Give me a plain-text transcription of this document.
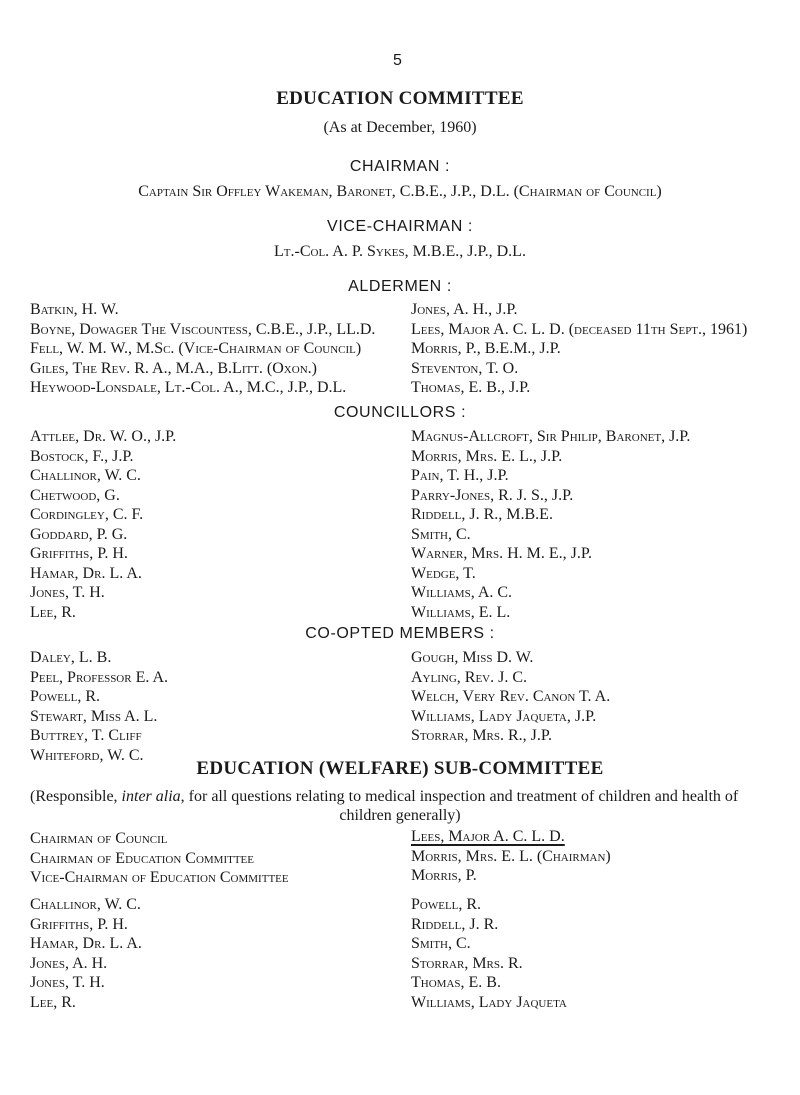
5
EDUCATION COMMITTEE
(As at December, 1960)
CHAIRMAN :
Captain Sir Offley Wakeman, Baronet, C.B.E., J.P., D.L. (Chairman of Council)
VICE-CHAIRMAN :
Lt.-Col. A. P. Sykes, M.B.E., J.P., D.L.
ALDERMEN :
Batkin, H. W.
Boyne, Dowager The Viscountess, C.B.E., J.P., LL.D.
Fell, W. M. W., M.Sc. (Vice-Chairman of Council)
Giles, The Rev. R. A., M.A., B.Litt. (Oxon.)
Heywood-Lonsdale, Lt.-Col. A., M.C., J.P., D.L.
Jones, A. H., J.P.
Lees, Major A. C. L. D. (deceased 11th Sept., 1961)
Morris, P., B.E.M., J.P.
Steventon, T. O.
Thomas, E. B., J.P.
COUNCILLORS :
Attlee, Dr. W. O., J.P.
Bostock, F., J.P.
Challinor, W. C.
Chetwood, G.
Cordingley, C. F.
Goddard, P. G.
Griffiths, P. H.
Hamar, Dr. L. A.
Jones, T. H.
Lee, R.
Magnus-Allcroft, Sir Philip, Baronet, J.P.
Morris, Mrs. E. L., J.P.
Pain, T. H., J.P.
Parry-Jones, R. J. S., J.P.
Riddell, J. R., M.B.E.
Smith, C.
Warner, Mrs. H. M. E., J.P.
Wedge, T.
Williams, A. C.
Williams, E. L.
CO-OPTED MEMBERS :
Daley, L. B.
Peel, Professor E. A.
Powell, R.
Stewart, Miss A. L.
Buttrey, T. Cliff
Whiteford, W. C.
Gough, Miss D. W.
Ayling, Rev. J. C.
Welch, Very Rev. Canon T. A.
Williams, Lady Jaqueta, J.P.
Storrar, Mrs. R., J.P.
EDUCATION (WELFARE) SUB-COMMITTEE
(Responsible, inter alia, for all questions relating to medical inspection and treatment of children and health of
children generally)
Chairman of Council
Chairman of Education Committee
Vice-Chairman of Education Committee
Lees, Major A. C. L. D.
Morris, Mrs. E. L. (Chairman)
Morris, P.
Challinor, W. C.
Griffiths, P. H.
Hamar, Dr. L. A.
Jones, A. H.
Jones, T. H.
Lee, R.
Powell, R.
Riddell, J. R.
Smith, C.
Storrar, Mrs. R.
Thomas, E. B.
Williams, Lady Jaqueta
